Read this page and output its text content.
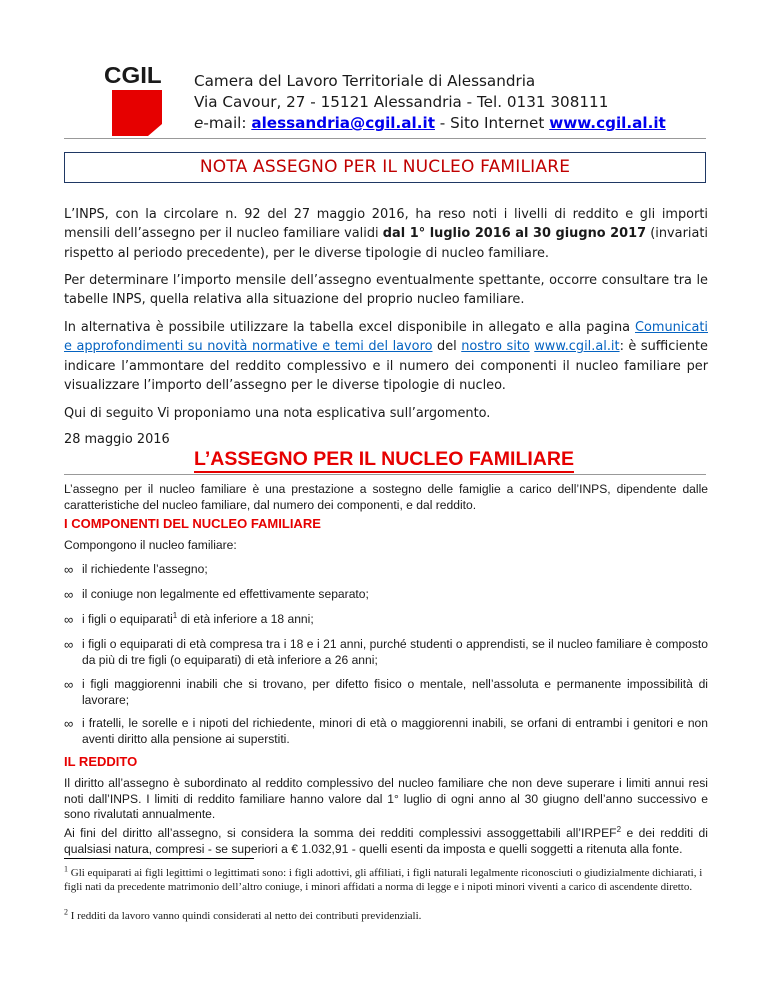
CGIL	Camera del Lavoro Territoriale di Alessandria
Via Cavour, 27 - 15121 Alessandria - Tel. 0131 308111
e-mail: alessandria@cgil.al.it - Sito Internet www.cgil.al.it
NOTA ASSEGNO PER IL NUCLEO FAMILIARE
L’INPS, con la circolare n. 92 del 27 maggio 2016, ha reso noti i livelli di reddito e gli importi mensili dell’assegno per il nucleo familiare validi dal 1° luglio 2016 al 30 giugno 2017 (invariati rispetto al periodo precedente), per le diverse tipologie di nucleo familiare.
Per determinare l’importo mensile dell’assegno eventualmente spettante, occorre consultare tra le tabelle INPS, quella relativa alla situazione del proprio nucleo familiare.
In alternativa è possibile utilizzare la tabella excel disponibile in allegato e alla pagina Comunicati e approfondimenti su novità normative e temi del lavoro del nostro sito www.cgil.al.it: è sufficiente indicare l’ammontare del reddito complessivo e il numero dei componenti il nucleo familiare per visualizzare l’importo dell’assegno per le diverse tipologie di nucleo.
Qui di seguito Vi proponiamo una nota esplicativa sull’argomento.
28 maggio 2016
L’ASSEGNO PER IL NUCLEO FAMILIARE
L’assegno per il nucleo familiare è una prestazione a sostegno delle famiglie a carico dell’INPS, dipendente dalle caratteristiche del nucleo familiare, dal numero dei componenti, e dal reddito.
I COMPONENTI DEL NUCLEO FAMILIARE
Compongono il nucleo familiare:
∞ il richiedente l’assegno;
∞ il coniuge non legalmente ed effettivamente separato;
∞ i figli o equiparati$^1$ di età inferiore a 18 anni;
∞ i figli o equiparati di età compresa tra i 18 e i 21 anni, purché studenti o apprendisti, se il nucleo familiare è composto da più di tre figli (o equiparati) di età inferiore a 26 anni;
∞ i figli maggiorenni inabili che si trovano, per difetto fisico o mentale, nell’assoluta e permanente impossibilità di lavorare;
∞ i fratelli, le sorelle e i nipoti del richiedente, minori di età o maggiorenni inabili, se orfani di entrambi i genitori e non aventi diritto alla pensione ai superstiti.
IL REDDITO
Il diritto all’assegno è subordinato al reddito complessivo del nucleo familiare che non deve superare i limiti annui resi noti dall’INPS. I limiti di reddito familiare hanno valore dal 1° luglio di ogni anno al 30 giugno dell’anno successivo e sono rivalutati annualmente.
Ai fini del diritto all’assegno, si considera la somma dei redditi complessivi assoggettabili all’IRPEF$^2$ e dei redditi di qualsiasi natura, compresi - se superiori a € 1.032,91 - quelli esenti da imposta e quelli soggetti a ritenuta alla fonte.
$^1$ Gli equiparati ai figli legittimi o legittimati sono: i figli adottivi, gli affiliati, i figli naturali legalmente riconosciuti o giudizialmente dichiarati, i figli nati da precedente matrimonio dell’altro coniuge, i minori affidati a norma di legge e i nipoti minori viventi a carico di ascendente diretto.
$^2$ I redditi da lavoro vanno quindi considerati al netto dei contributi previdenziali.
